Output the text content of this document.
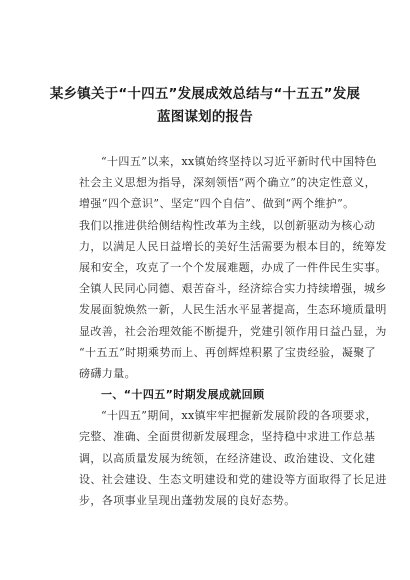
某乡镇关于“十四五”发展成效总结与“十五五”发展
蓝图谋划的报告
“十四五”以来，xx镇始终坚持以习近平新时代中国特色
社会主义思想为指导，深刻领悟“两个确立”的决定性意义，
增强“四个意识”、坚定“四个自信”、做到“两个维护”。
我们以推进供给侧结构性改革为主线，以创新驱动为核心动
力，以满足人民日益增长的美好生活需要为根本目的，统筹发
展和安全，攻克了一个个发展难题，办成了一件件民生实事。
全镇人民同心同德、艰苦奋斗，经济综合实力持续增强，城乡
发展面貌焕然一新，人民生活水平显著提高，生态环境质量明
显改善，社会治理效能不断提升，党建引领作用日益凸显，为
“十五五”时期乘势而上、再创辉煌积累了宝贵经验，凝聚了
磅礴力量。
一、“十四五”时期发展成就回顾
“十四五”期间，xx镇牢牢把握新发展阶段的各项要求，
完整、准确、全面贯彻新发展理念，坚持稳中求进工作总基
调，以高质量发展为统领，在经济建设、政治建设、文化建
设、社会建设、生态文明建设和党的建设等方面取得了长足进
步，各项事业呈现出蓬勃发展的良好态势。
